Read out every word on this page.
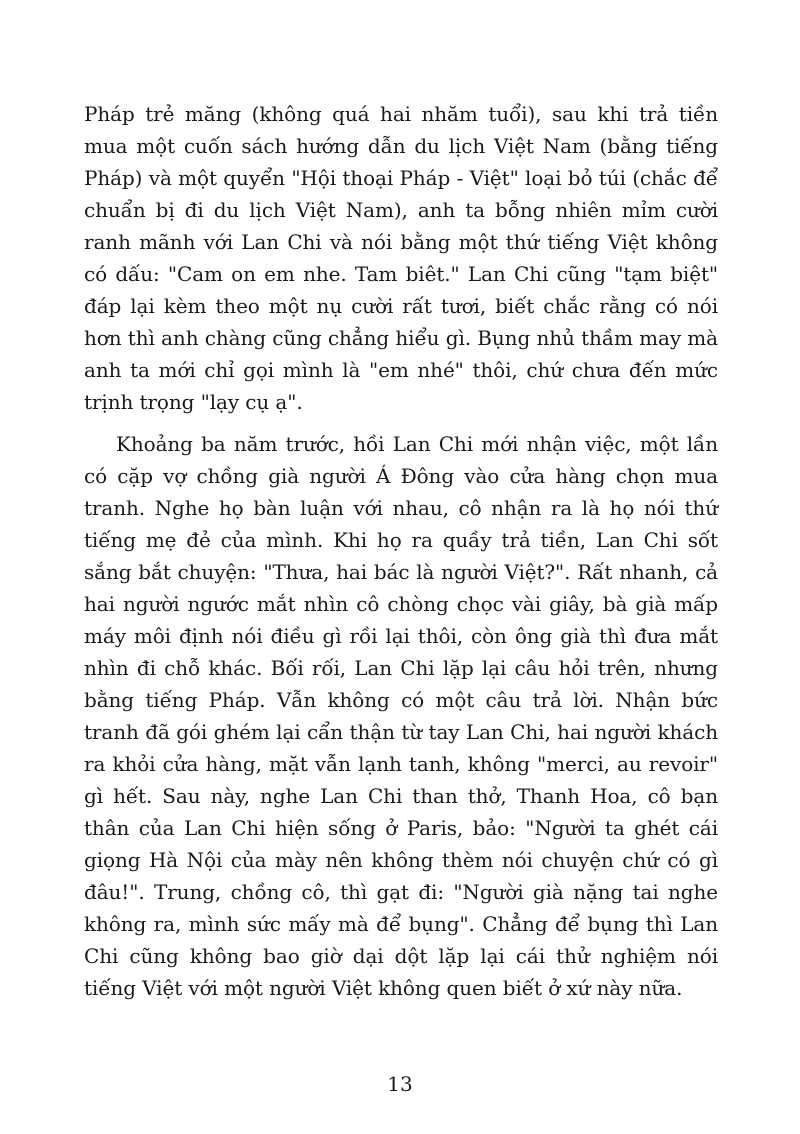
Pháp trẻ măng (không quá hai nhăm tuổi), sau khi trả tiền mua một cuốn sách hướng dẫn du lịch Việt Nam (bằng tiếng Pháp) và một quyển "Hội thoại Pháp - Việt" loại bỏ túi (chắc để chuẩn bị đi du lịch Việt Nam), anh ta bỗng nhiên mỉm cười ranh mãnh với Lan Chi và nói bằng một thứ tiếng Việt không có dấu: "Cam on em nhe. Tam biêt." Lan Chi cũng "tạm biệt" đáp lại kèm theo một nụ cười rất tươi, biết chắc rằng có nói hơn thì anh chàng cũng chẳng hiểu gì. Bụng nhủ thầm may mà anh ta mới chỉ gọi mình là "em nhé" thôi, chứ chưa đến mức trịnh trọng "lạy cụ ạ".

Khoảng ba năm trước, hồi Lan Chi mới nhận việc, một lần có cặp vợ chồng già người Á Đông vào cửa hàng chọn mua tranh. Nghe họ bàn luận với nhau, cô nhận ra là họ nói thứ tiếng mẹ đẻ của mình. Khi họ ra quầy trả tiền, Lan Chi sốt sắng bắt chuyện: "Thưa, hai bác là người Việt?". Rất nhanh, cả hai người ngước mắt nhìn cô chòng chọc vài giây, bà già mấp máy môi định nói điều gì rồi lại thôi, còn ông già thì đưa mắt nhìn đi chỗ khác. Bối rối, Lan Chi lặp lại câu hỏi trên, nhưng bằng tiếng Pháp. Vẫn không có một câu trả lời. Nhận bức tranh đã gói ghém lại cẩn thận từ tay Lan Chi, hai người khách ra khỏi cửa hàng, mặt vẫn lạnh tanh, không "merci, au revoir" gì hết. Sau này, nghe Lan Chi than thở, Thanh Hoa, cô bạn thân của Lan Chi hiện sống ở Paris, bảo: "Người ta ghét cái giọng Hà Nội của mày nên không thèm nói chuyện chứ có gì đâu!". Trung, chồng cô, thì gạt đi: "Người già nặng tai nghe không ra, mình sức mấy mà để bụng". Chẳng để bụng thì Lan Chi cũng không bao giờ dại dột lặp lại cái thử nghiệm nói tiếng Việt với một người Việt không quen biết ở xứ này nữa.

13
